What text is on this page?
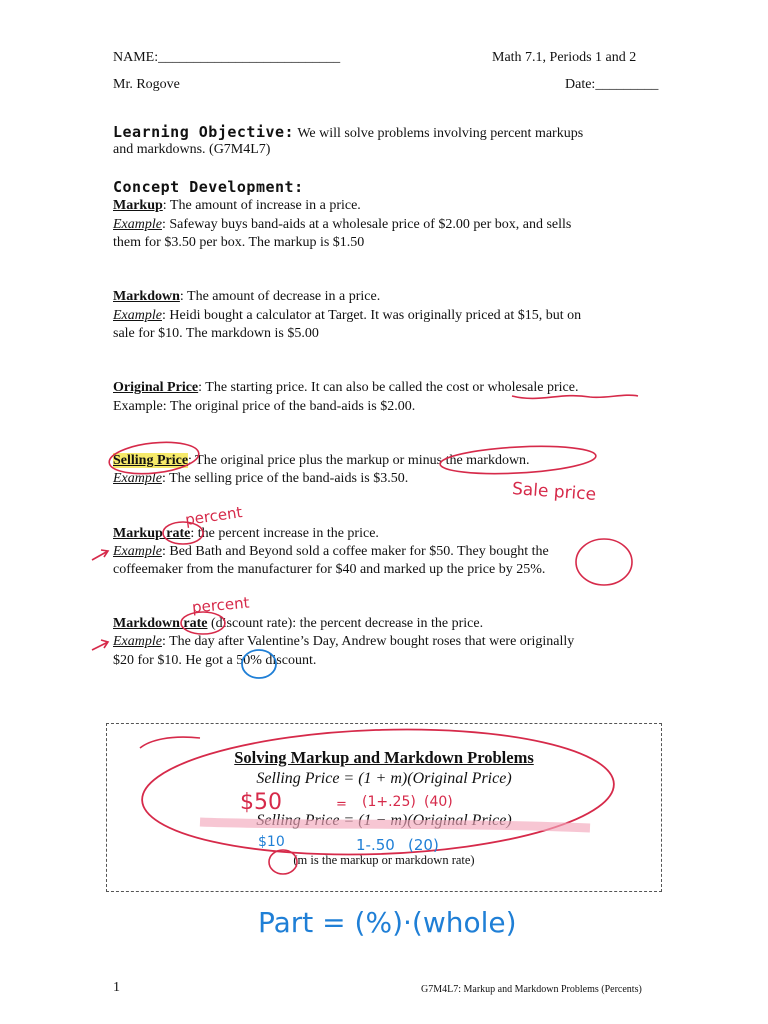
NAME:__________________________	Math 7.1, Periods 1 and 2
Mr. Rogove	Date:_________
Learning Objective: We will solve problems involving percent markups
and markdowns. (G7M4L7)
Concept Development:
Markup: The amount of increase in a price.
Example: Safeway buys band-aids at a wholesale price of $2.00 per box, and sells
them for $3.50 per box. The markup is $1.50
Markdown: The amount of decrease in a price.
Example: Heidi bought a calculator at Target. It was originally priced at $15, but on
sale for $10. The markdown is $5.00
Original Price: The starting price. It can also be called the cost or wholesale price.
Example: The original price of the band-aids is $2.00.
Selling Price: The original price plus the markup or minus the markdown.
Example: The selling price of the band-aids is $3.50.
Markup rate: the percent increase in the price.
Example: Bed Bath and Beyond sold a coffee maker for $50. They bought the
coffeemaker from the manufacturer for $40 and marked up the price by 25%.
Markdown rate (discount rate): the percent decrease in the price.
Example: The day after Valentine’s Day, Andrew bought roses that were originally
$20 for $10. He got a 50% discount.
Solving Markup and Markdown Problems
Selling Price = (1 + m)(Original Price)
Selling Price = (1 − m)(Original Price)
(m is the markup or markdown rate)
Sale price
percent
percent
$50	= (1+.25) (40)
$10	1-.50 (20)
Part = (%)·(whole)
1	G7M4L7: Markup and Markdown Problems (Percents)
